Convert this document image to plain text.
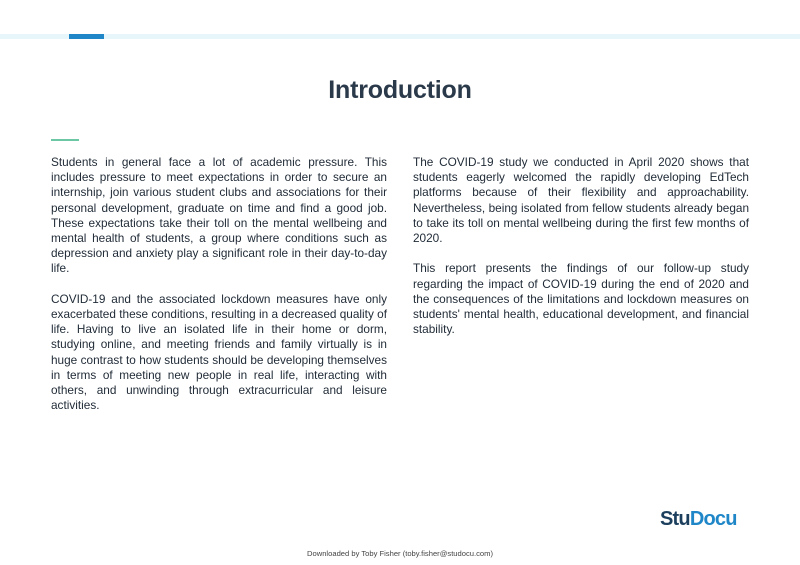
Introduction

Students in general face a lot of academic pressure. This includes pressure to meet expectations in order to secure an internship, join various student clubs and associations for their personal development, graduate on time and find a good job. These expectations take their toll on the mental wellbeing and mental health of students, a group where conditions such as depression and anxiety play a significant role in their day-to-day life.

COVID-19 and the associated lockdown measures have only exacerbated these conditions, resulting in a decreased quality of life. Having to live an isolated life in their home or dorm, studying online, and meeting friends and family virtually is in huge contrast to how students should be developing themselves in terms of meeting new people in real life, interacting with others, and unwinding through extracurricular and leisure activities.

The COVID-19 study we conducted in April 2020 shows that students eagerly welcomed the rapidly developing EdTech platforms because of their flexibility and approachability. Nevertheless, being isolated from fellow students already began to take its toll on mental wellbeing during the first few months of 2020.

This report presents the findings of our follow-up study regarding the impact of COVID-19 during the end of 2020 and the consequences of the limitations and lockdown measures on students' mental health, educational development, and financial stability.

StuDocu
Downloaded by Toby Fisher (toby.fisher@studocu.com)
